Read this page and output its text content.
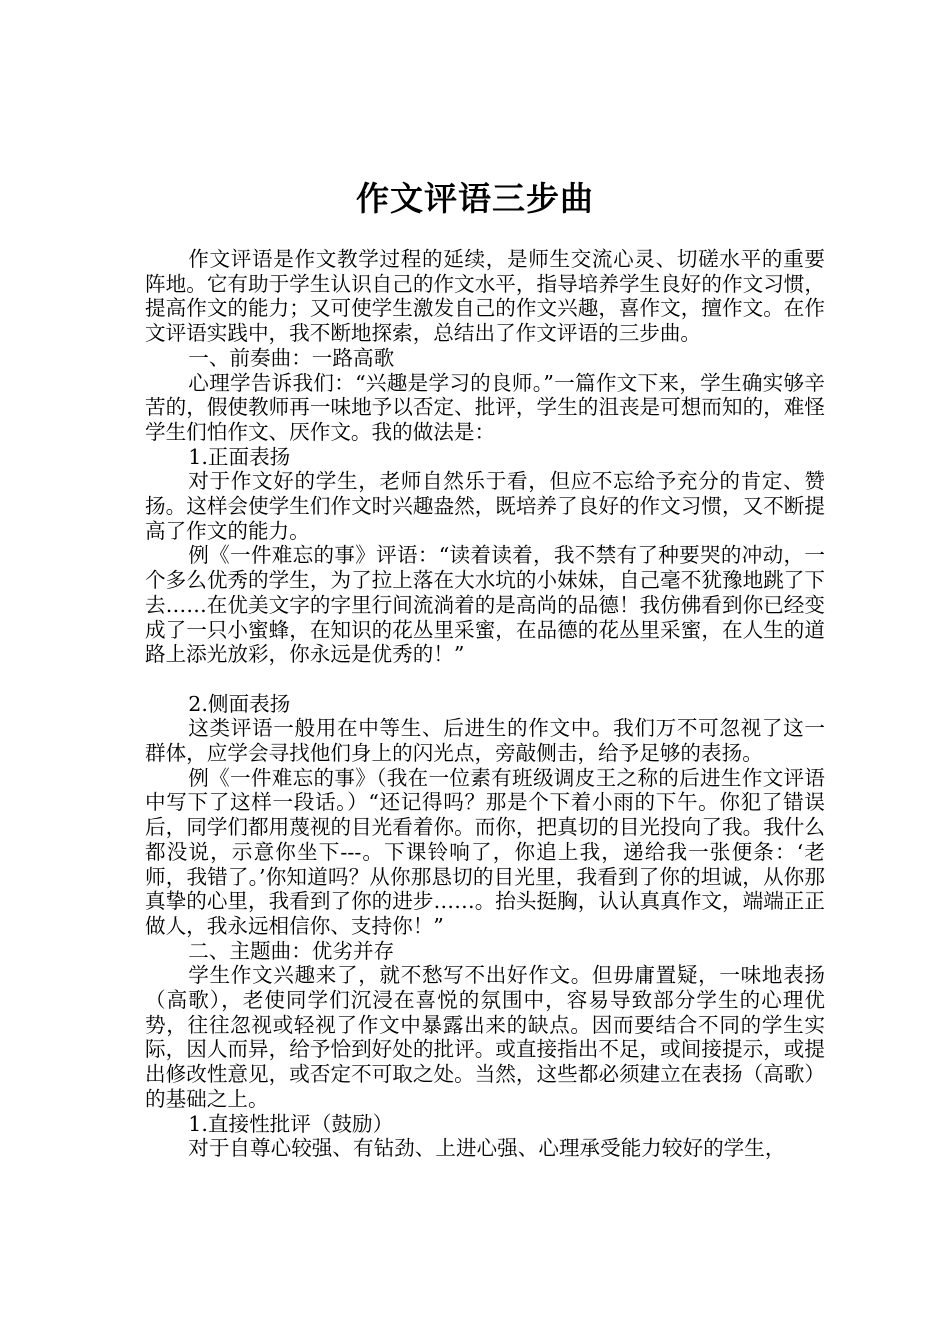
作文评语三步曲

作文评语是作文教学过程的延续，是师生交流心灵、切磋水平的重要阵地。它有助于学生认识自己的作文水平，指导培养学生良好的作文习惯，提高作文的能力；又可使学生激发自己的作文兴趣，喜作文，擅作文。在作文评语实践中，我不断地探索，总结出了作文评语的三步曲。

一、前奏曲：一路高歌

心理学告诉我们：“兴趣是学习的良师。”一篇作文下来，学生确实够辛苦的，假使教师再一味地予以否定、批评，学生的沮丧是可想而知的，难怪学生们怕作文、厌作文。我的做法是：

1.正面表扬

对于作文好的学生，老师自然乐于看，但应不忘给予充分的肯定、赞扬。这样会使学生们作文时兴趣盎然，既培养了良好的作文习惯，又不断提高了作文的能力。

例《一件难忘的事》评语：“读着读着，我不禁有了种要哭的冲动，一个多么优秀的学生，为了拉上落在大水坑的小妹妹，自己毫不犹豫地跳了下去……在优美文字的字里行间流淌着的是高尚的品德！我仿佛看到你已经变成了一只小蜜蜂，在知识的花丛里采蜜，在品德的花丛里采蜜，在人生的道路上添光放彩，你永远是优秀的！”

2.侧面表扬

这类评语一般用在中等生、后进生的作文中。我们万不可忽视了这一群体，应学会寻找他们身上的闪光点，旁敲侧击，给予足够的表扬。

例《一件难忘的事》（我在一位素有班级调皮王之称的后进生作文评语中写下了这样一段话。）“还记得吗？那是个下着小雨的下午。你犯了错误后，同学们都用蔑视的目光看着你。而你，把真切的目光投向了我。我什么都没说，示意你坐下---。下课铃响了，你追上我，递给我一张便条：‘老师，我错了。’你知道吗？从你那恳切的目光里，我看到了你的坦诚，从你那真挚的心里，我看到了你的进步……。抬头挺胸，认认真真作文，端端正正做人，我永远相信你、支持你！”

二、主题曲：优劣并存

学生作文兴趣来了，就不愁写不出好作文。但毋庸置疑，一味地表扬（高歌），老使同学们沉浸在喜悦的氛围中，容易导致部分学生的心理优势，往往忽视或轻视了作文中暴露出来的缺点。因而要结合不同的学生实际，因人而异，给予恰到好处的批评。或直接指出不足，或间接提示，或提出修改性意见，或否定不可取之处。当然，这些都必须建立在表扬（高歌）的基础之上。

1.直接性批评（鼓励）

对于自尊心较强、有钻劲、上进心强、心理承受能力较好的学生，
